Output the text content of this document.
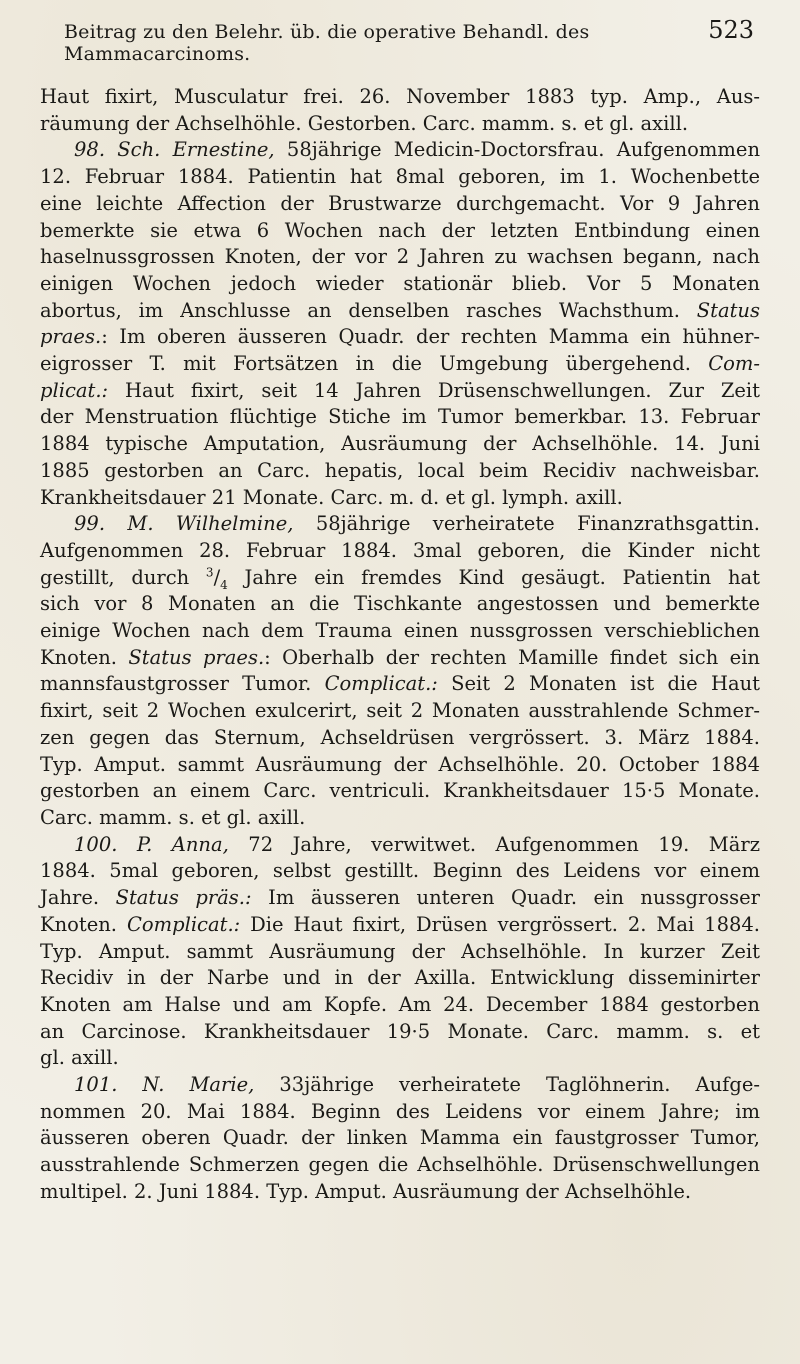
Beitrag zu den Belehr. üb. die operative Behandl. des Mammacarcinoms.
523
Haut fixirt, Musculatur frei. 26. November 1883 typ. Amp., Aus-
räumung der Achselhöhle. Gestorben. Carc. mamm. s. et gl. axill.
98. Sch. Ernestine, 58jährige Medicin-Doctorsfrau. Aufgenommen
12. Februar 1884. Patientin hat 8mal geboren, im 1. Wochenbette
eine leichte Affection der Brustwarze durchgemacht. Vor 9 Jahren
bemerkte sie etwa 6 Wochen nach der letzten Entbindung einen
haselnussgrossen Knoten, der vor 2 Jahren zu wachsen begann, nach
einigen Wochen jedoch wieder stationär blieb. Vor 5 Monaten
abortus, im Anschlusse an denselben rasches Wachsthum. Status
praes.: Im oberen äusseren Quadr. der rechten Mamma ein hühner-
eigrosser T. mit Fortsätzen in die Umgebung übergehend. Com-
plicat.: Haut fixirt, seit 14 Jahren Drüsenschwellungen. Zur Zeit
der Menstruation flüchtige Stiche im Tumor bemerkbar. 13. Februar
1884 typische Amputation, Ausräumung der Achselhöhle. 14. Juni
1885 gestorben an Carc. hepatis, local beim Recidiv nachweisbar.
Krankheitsdauer 21 Monate. Carc. m. d. et gl. lymph. axill.
99. M. Wilhelmine, 58jährige verheiratete Finanzrathsgattin.
Aufgenommen 28. Februar 1884. 3mal geboren, die Kinder nicht
gestillt, durch $^3/_4$ Jahre ein fremdes Kind gesäugt. Patientin hat
sich vor 8 Monaten an die Tischkante angestossen und bemerkte
einige Wochen nach dem Trauma einen nussgrossen verschieblichen
Knoten. Status praes.: Oberhalb der rechten Mamille findet sich ein
mannsfaustgrosser Tumor. Complicat.: Seit 2 Monaten ist die Haut
fixirt, seit 2 Wochen exulcerirt, seit 2 Monaten ausstrahlende Schmer-
zen gegen das Sternum, Achseldrüsen vergrössert. 3. März 1884.
Typ. Amput. sammt Ausräumung der Achselhöhle. 20. October 1884
gestorben an einem Carc. ventriculi. Krankheitsdauer 15·5 Monate.
Carc. mamm. s. et gl. axill.
100. P. Anna, 72 Jahre, verwitwet. Aufgenommen 19. März
1884. 5mal geboren, selbst gestillt. Beginn des Leidens vor einem
Jahre. Status präs.: Im äusseren unteren Quadr. ein nussgrosser
Knoten. Complicat.: Die Haut fixirt, Drüsen vergrössert. 2. Mai 1884.
Typ. Amput. sammt Ausräumung der Achselhöhle. In kurzer Zeit
Recidiv in der Narbe und in der Axilla. Entwicklung disseminirter
Knoten am Halse und am Kopfe. Am 24. December 1884 gestorben
an Carcinose. Krankheitsdauer 19·5 Monate. Carc. mamm. s. et
gl. axill.
101. N. Marie, 33jährige verheiratete Taglöhnerin. Aufge-
nommen 20. Mai 1884. Beginn des Leidens vor einem Jahre; im
äusseren oberen Quadr. der linken Mamma ein faustgrosser Tumor,
ausstrahlende Schmerzen gegen die Achselhöhle. Drüsenschwellungen
multipel. 2. Juni 1884. Typ. Amput. Ausräumung der Achselhöhle.
